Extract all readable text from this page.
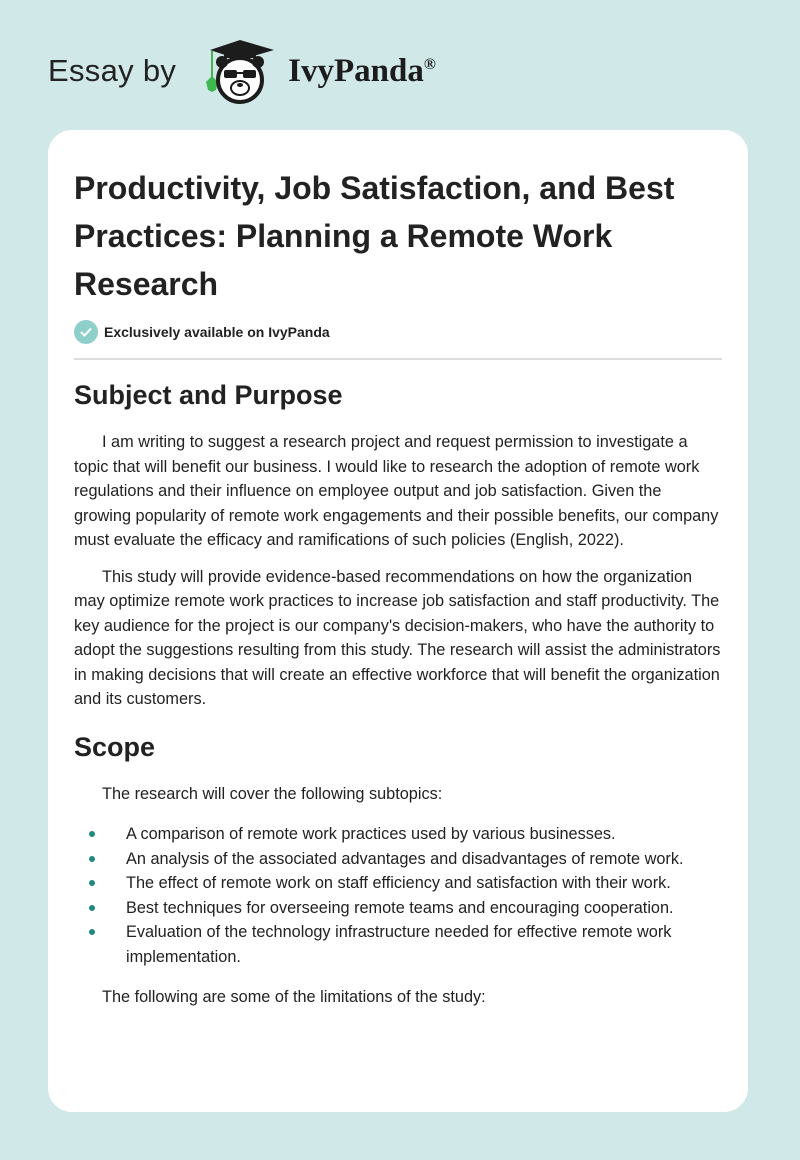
Essay by	IvyPanda®
Productivity, Job Satisfaction, and Best Practices: Planning a Remote Work Research
Exclusively available on IvyPanda
Subject and Purpose

I am writing to suggest a research project and request permission to investigate a topic that will benefit our business. I would like to research the adoption of remote work regulations and their influence on employee output and job satisfaction. Given the growing popularity of remote work engagements and their possible benefits, our company must evaluate the efficacy and ramifications of such policies (English, 2022).

This study will provide evidence-based recommendations on how the organization may optimize remote work practices to increase job satisfaction and staff productivity. The key audience for the project is our company's decision-makers, who have the authority to adopt the suggestions resulting from this study. The research will assist the administrators in making decisions that will create an effective workforce that will benefit the organization and its customers.

Scope

The research will cover the following subtopics:

A comparison of remote work practices used by various businesses.
An analysis of the associated advantages and disadvantages of remote work.
The effect of remote work on staff efficiency and satisfaction with their work.
Best techniques for overseeing remote teams and encouraging cooperation.
Evaluation of the technology infrastructure needed for effective remote work implementation.

The following are some of the limitations of the study:
